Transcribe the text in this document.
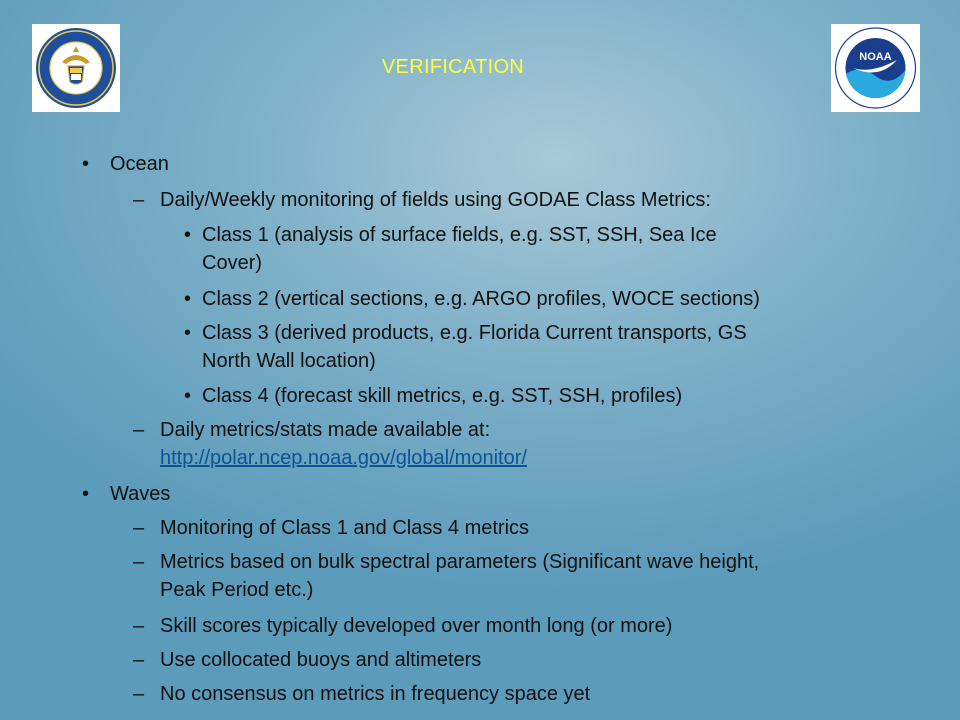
NOAA
VERIFICATION
• Ocean
– Daily/Weekly monitoring of fields using GODAE Class Metrics:
• Class 1 (analysis of surface fields, e.g. SST, SSH, Sea Ice
Cover)
• Class 2 (vertical sections, e.g. ARGO profiles, WOCE sections)
• Class 3 (derived products, e.g. Florida Current transports, GS
North Wall location)
• Class 4 (forecast skill metrics, e.g. SST, SSH, profiles)
– Daily metrics/stats made available at:
http://polar.ncep.noaa.gov/global/monitor/
• Waves
– Monitoring of Class 1 and Class 4 metrics
– Metrics based on bulk spectral parameters (Significant wave height,
Peak Period etc.)
– Skill scores typically developed over month long (or more)
– Use collocated buoys and altimeters
– No consensus on metrics in frequency space yet
